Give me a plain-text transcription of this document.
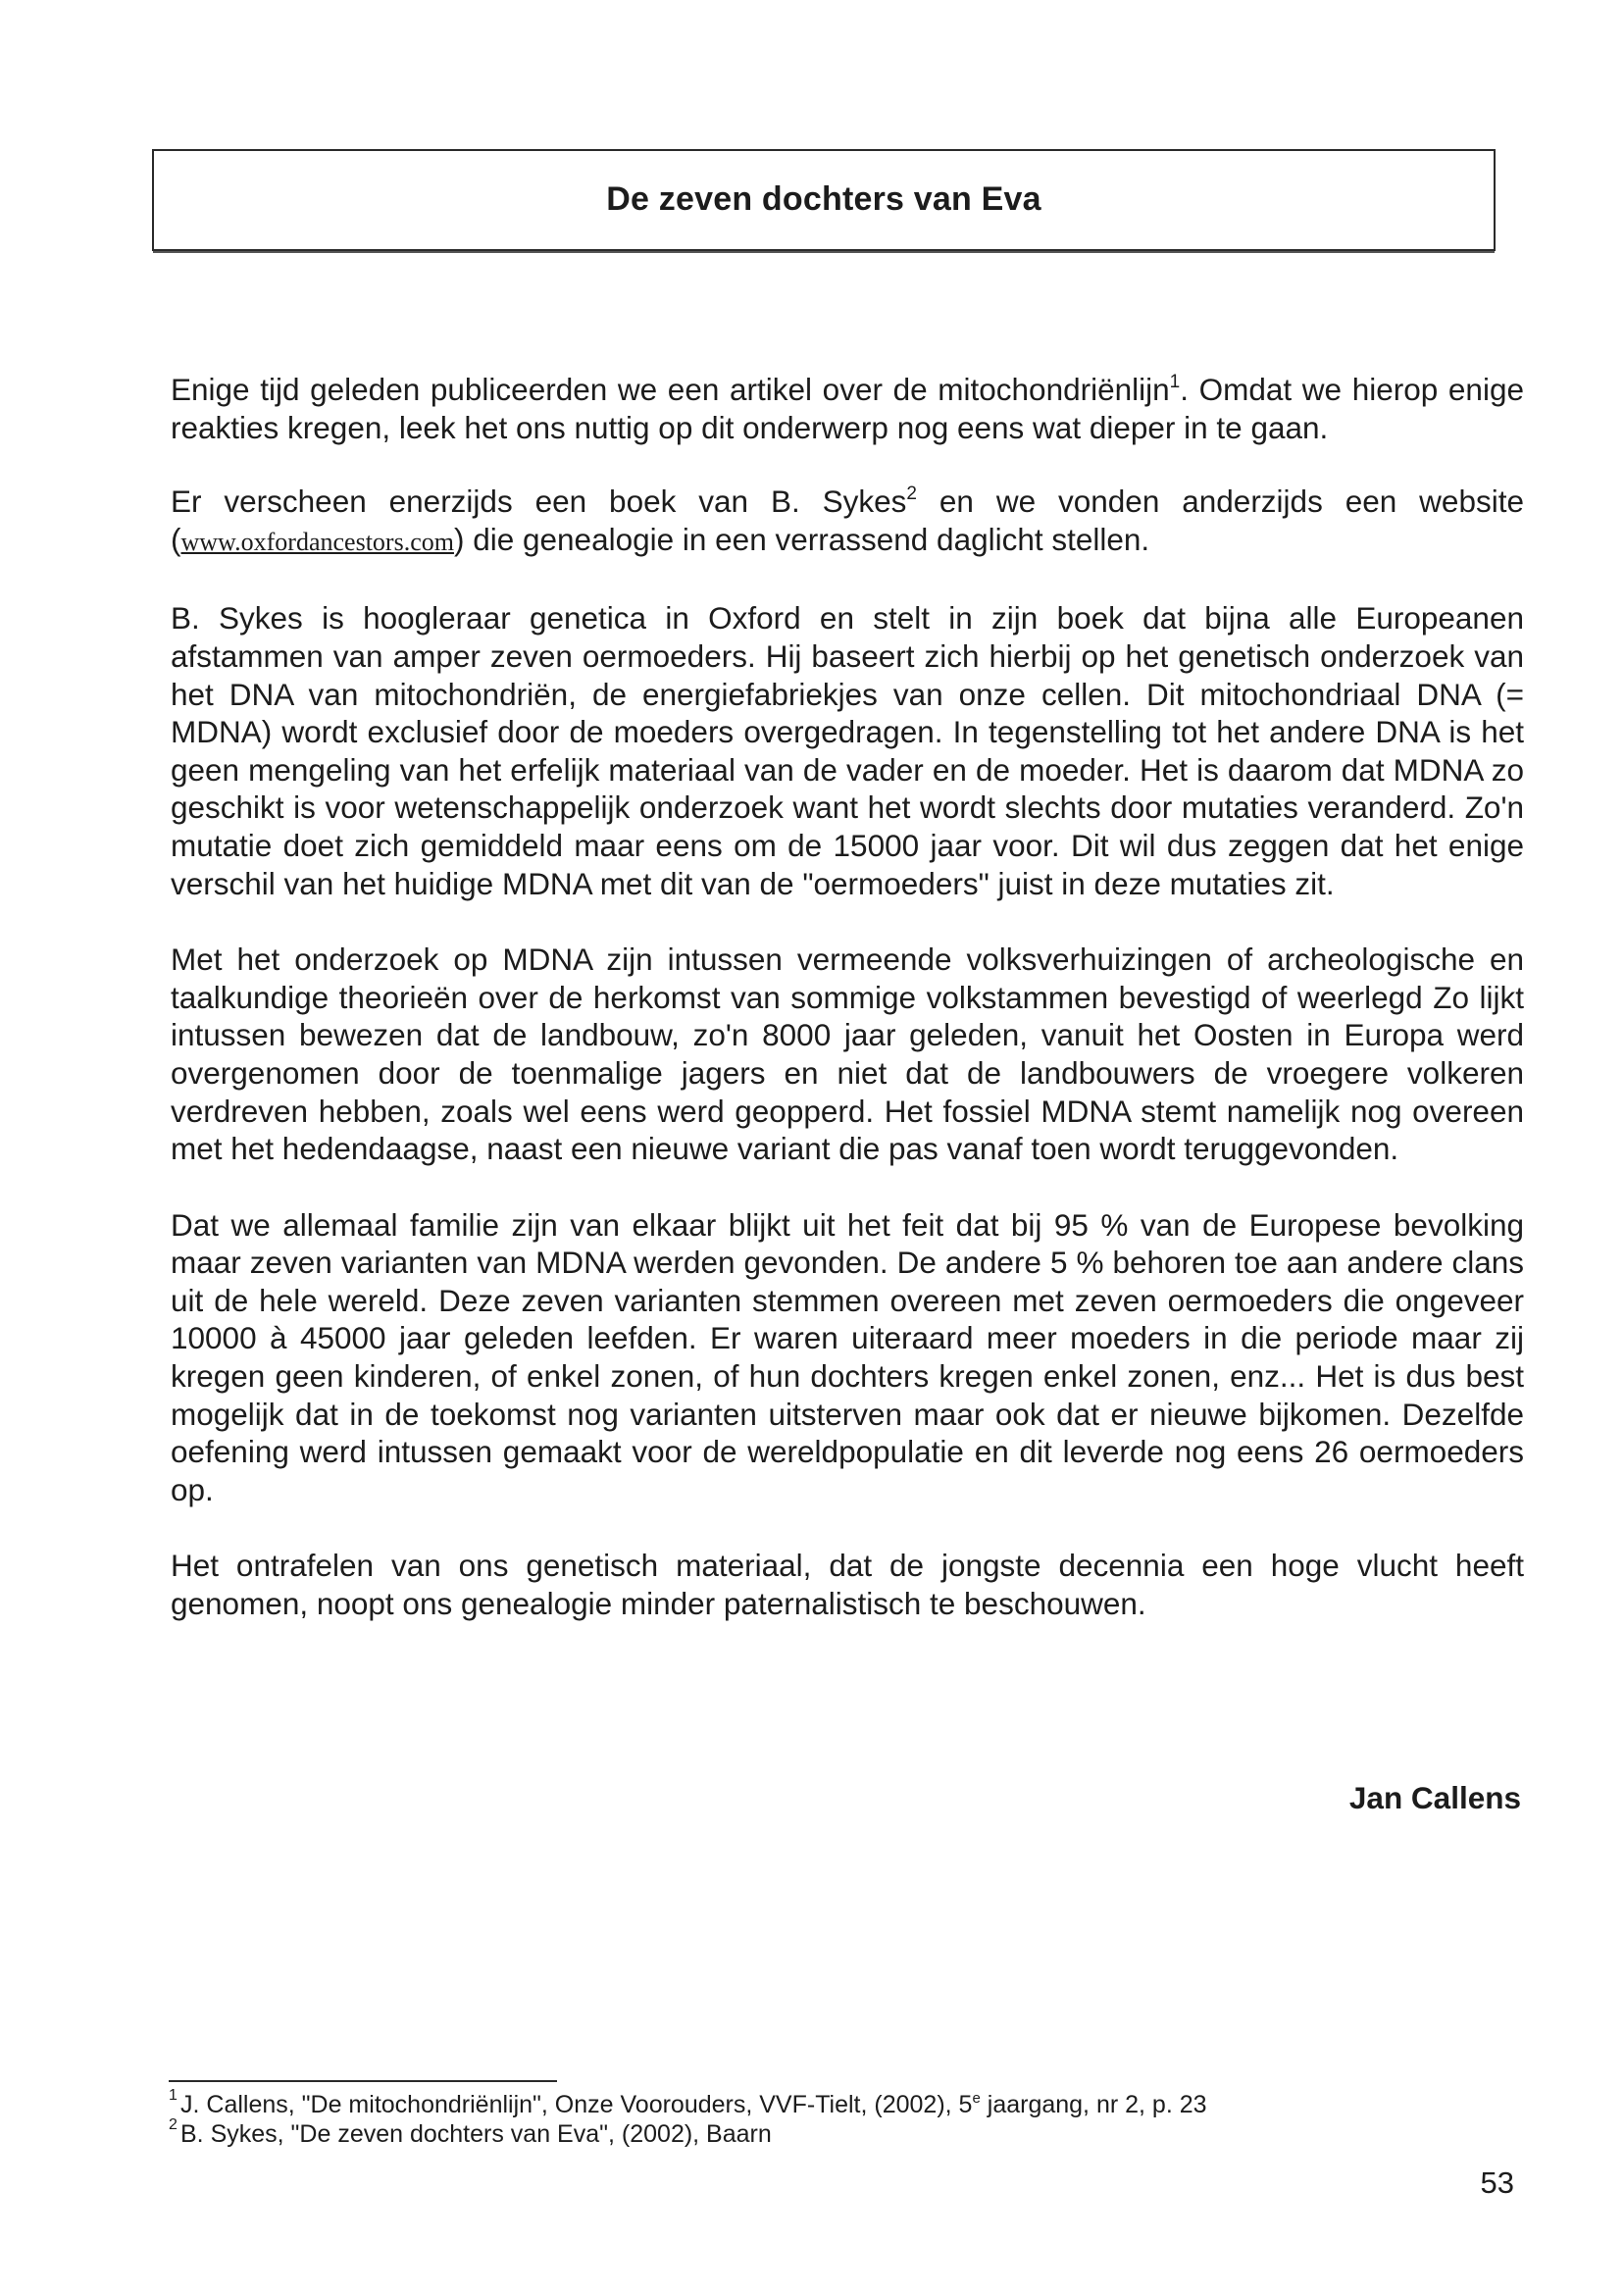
De zeven dochters van Eva

Enige tijd geleden publiceerden we een artikel over de mitochondriënlijn$^1$. Omdat we hierop enige reakties kregen, leek het ons nuttig op dit onderwerp nog eens wat dieper in te gaan.

Er verscheen enerzijds een boek van B. Sykes$^2$ en we vonden anderzijds een website (www.oxfordancestors.com) die genealogie in een verrassend daglicht stellen.

B. Sykes is hoogleraar genetica in Oxford en stelt in zijn boek dat bijna alle Europeanen afstammen van amper zeven oermoeders. Hij baseert zich hierbij op het genetisch onderzoek van het DNA van mitochondriën, de energiefabriekjes van onze cellen. Dit mitochondriaal DNA (= MDNA) wordt exclusief door de moeders overgedragen. In tegenstelling tot het andere DNA is het geen mengeling van het erfelijk materiaal van de vader en de moeder. Het is daarom dat MDNA zo geschikt is voor wetenschappelijk onderzoek want het wordt slechts door mutaties veranderd. Zo'n mutatie doet zich gemiddeld maar eens om de 15000 jaar voor. Dit wil dus zeggen dat het enige verschil van het huidige MDNA met dit van de "oermoeders" juist in deze mutaties zit.

Met het onderzoek op MDNA zijn intussen vermeende volksverhuizingen of archeologische en taalkundige theorieën over de herkomst van sommige volkstammen bevestigd of weerlegd Zo lijkt intussen bewezen dat de landbouw, zo'n 8000 jaar geleden, vanuit het Oosten in Europa werd overgenomen door de toenmalige jagers en niet dat de landbouwers de vroegere volkeren verdreven hebben, zoals wel eens werd geopperd. Het fossiel MDNA stemt namelijk nog overeen met het hedendaagse, naast een nieuwe variant die pas vanaf toen wordt teruggevonden.

Dat we allemaal familie zijn van elkaar blijkt uit het feit dat bij 95 % van de Europese bevolking maar zeven varianten van MDNA werden gevonden. De andere 5 % behoren toe aan andere clans uit de hele wereld. Deze zeven varianten stemmen overeen met zeven oermoeders die ongeveer 10000 à 45000 jaar geleden leefden. Er waren uiteraard meer moeders in die periode maar zij kregen geen kinderen, of enkel zonen, of hun dochters kregen enkel zonen, enz... Het is dus best mogelijk dat in de toekomst nog varianten uitsterven maar ook dat er nieuwe bijkomen. Dezelfde oefening werd intussen gemaakt voor de wereldpopulatie en dit leverde nog eens 26 oermoeders op.

Het ontrafelen van ons genetisch materiaal, dat de jongste decennia een hoge vlucht heeft genomen, noopt ons genealogie minder paternalistisch te beschouwen.

Jan Callens
1 J. Callens, "De mitochondriënlijn", Onze Voorouders, VVF-Tielt, (2002), 5e jaargang, nr 2, p. 23
2 B. Sykes, "De zeven dochters van Eva", (2002), Baarn
53
